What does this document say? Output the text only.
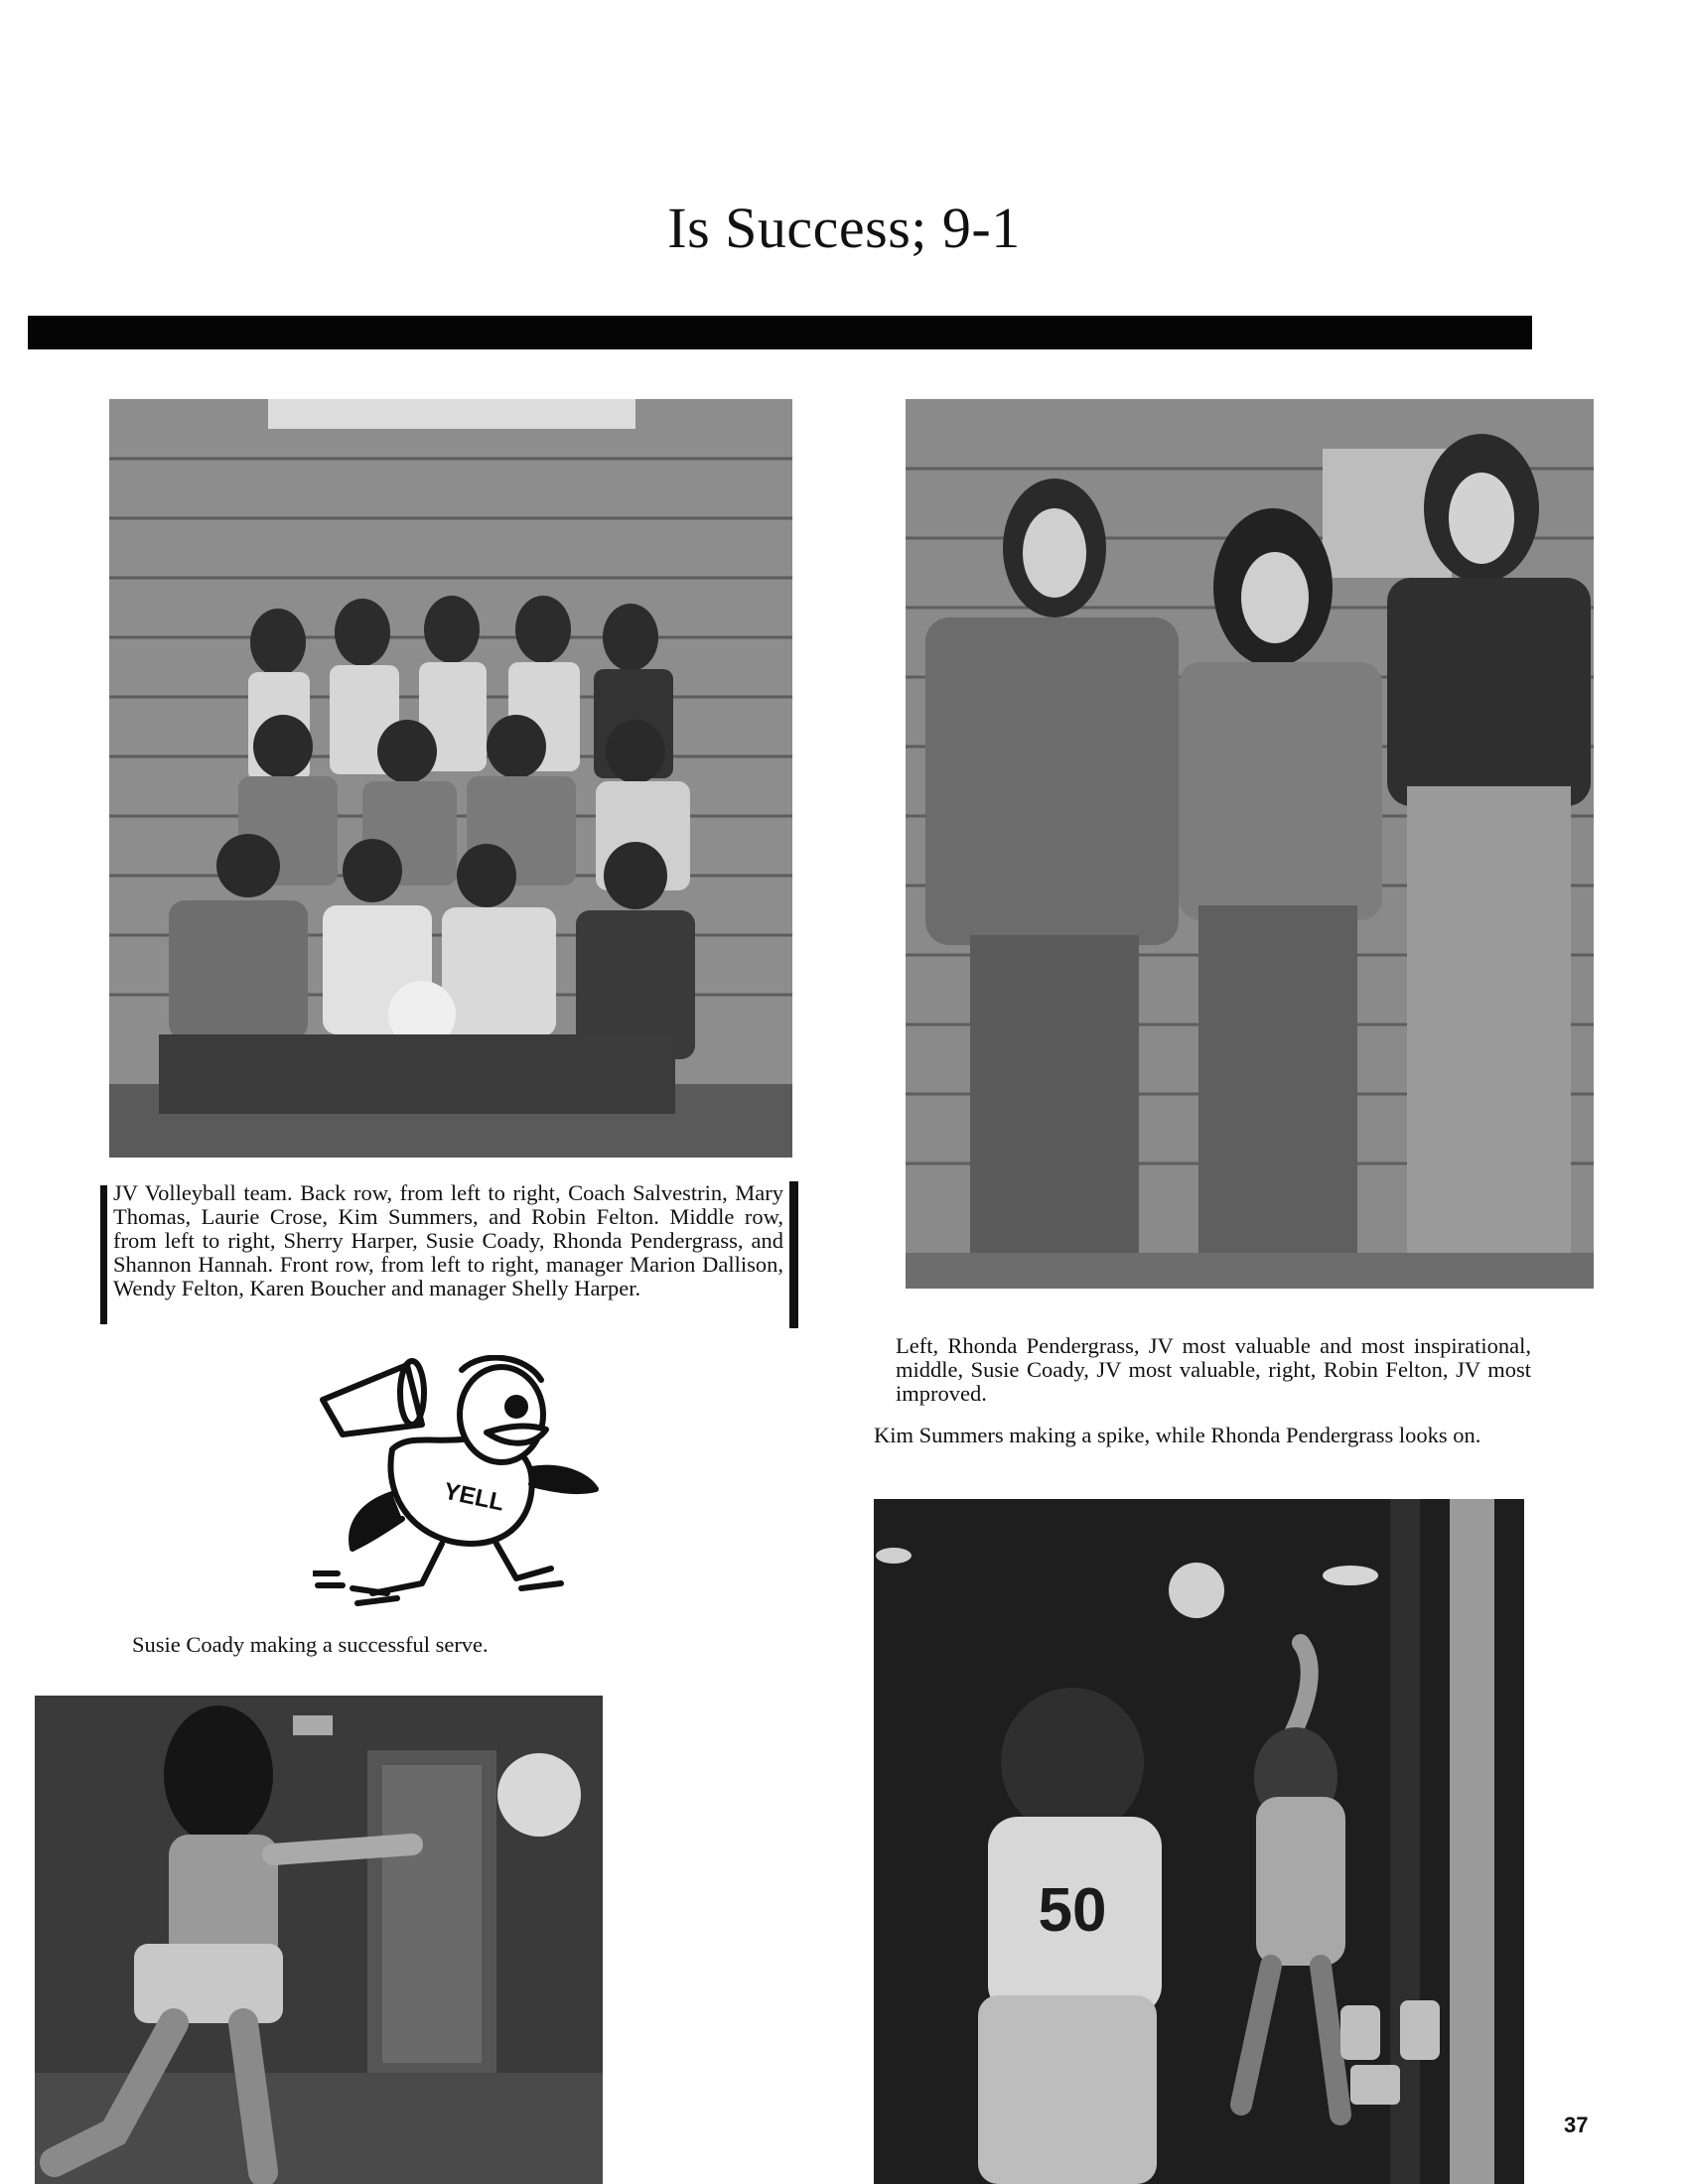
Is Success; 9-1
JV Volleyball team. Back row, from left to right, Coach Salvestrin, Mary Thomas, Laurie Crose, Kim Summers, and Robin Felton. Middle row, from left to right, Sherry Harper, Susie Coady, Rhonda Pendergrass, and Shannon Hannah. Front row, from left to right, manager Marion Dallison, Wendy Felton, Karen Boucher and manager Shelly Harper.
Left, Rhonda Pendergrass, JV most valuable and most inspirational, middle, Susie Coady, JV most valuable, right, Robin Felton, JV most improved.
Kim Summers making a spike, while Rhonda Pendergrass looks on.
YELL
Susie Coady making a successful serve.
50
37
